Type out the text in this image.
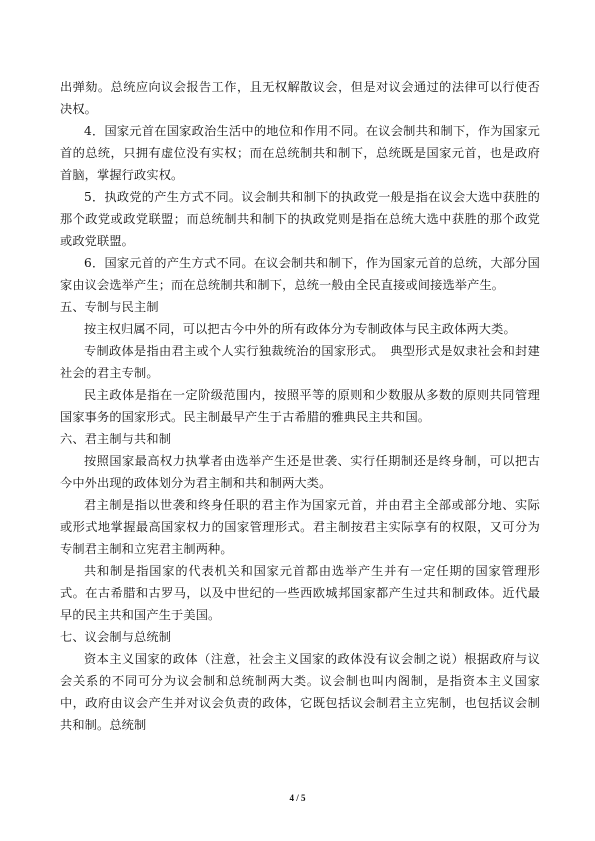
出弹劾。总统应向议会报告工作，且无权解散议会，但是对议会通过的法律可以行使否决权。

4．国家元首在国家政治生活中的地位和作用不同。在议会制共和制下，作为国家元首的总统，只拥有虚位没有实权；而在总统制共和制下，总统既是国家元首，也是政府首脑，掌握行政实权。

5．执政党的产生方式不同。议会制共和制下的执政党一般是指在议会大选中获胜的那个政党或政党联盟；而总统制共和制下的执政党则是指在总统大选中获胜的那个政党或政党联盟。

6．国家元首的产生方式不同。在议会制共和制下，作为国家元首的总统，大部分国家由议会选举产生；而在总统制共和制下，总统一般由全民直接或间接选举产生。

五、专制与民主制

按主权归属不同，可以把古今中外的所有政体分为专制政体与民主政体两大类。

专制政体是指由君主或个人实行独裁统治的国家形式。　典型形式是奴隶社会和封建社会的君主专制。

民主政体是指在一定阶级范围内，按照平等的原则和少数服从多数的原则共同管理国家事务的国家形式。民主制最早产生于古希腊的雅典民主共和国。

六、君主制与共和制

按照国家最高权力执掌者由选举产生还是世袭、实行任期制还是终身制，可以把古今中外出现的政体划分为君主制和共和制两大类。

君主制是指以世袭和终身任职的君主作为国家元首，并由君主全部或部分地、实际或形式地掌握最高国家权力的国家管理形式。君主制按君主实际享有的权限，又可分为专制君主制和立宪君主制两种。

共和制是指国家的代表机关和国家元首都由选举产生并有一定任期的国家管理形式。在古希腊和古罗马，以及中世纪的一些西欧城邦国家都产生过共和制政体。近代最早的民主共和国产生于美国。

七、议会制与总统制

资本主义国家的政体（注意，社会主义国家的政体没有议会制之说）根据政府与议会关系的不同可分为议会制和总统制两大类。议会制也叫内阁制，是指资本主义国家中，政府由议会产生并对议会负责的政体，它既包括议会制君主立宪制，也包括议会制共和制。总统制

4 / 5
